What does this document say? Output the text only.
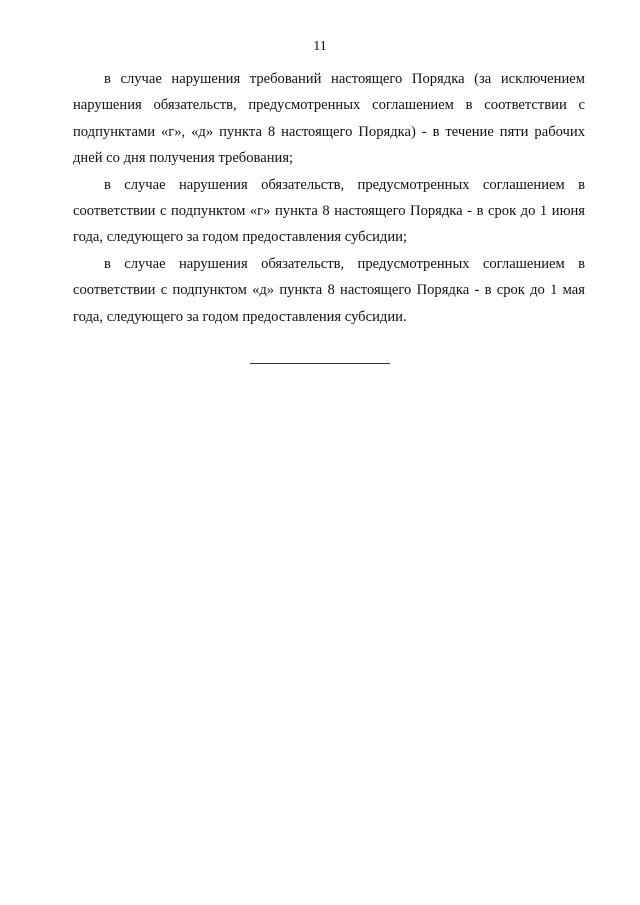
11

в случае нарушения требований настоящего Порядка (за исключением нарушения обязательств, предусмотренных соглашением в соответствии с подпунктами «г», «д» пункта 8 настоящего Порядка) - в течение пяти рабочих дней со дня получения требования;

в случае нарушения обязательств, предусмотренных соглашением в соответствии с подпунктом «г» пункта 8 настоящего Порядка - в срок до 1 июня года, следующего за годом предоставления субсидии;

в случае нарушения обязательств, предусмотренных соглашением в соответствии с подпунктом «д» пункта 8 настоящего Порядка - в срок до 1 мая года, следующего за годом предоставления субсидии.
